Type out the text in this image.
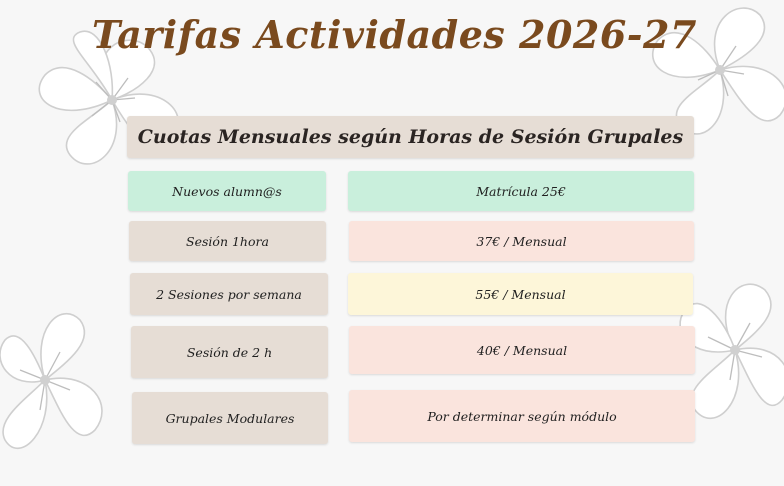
Tarifas Actividades 2026-27
Cuotas Mensuales según Horas de Sesión Grupales
Nuevos alumn@s	Matrícula 25€
Sesión 1hora	37€ / Mensual
2 Sesiones por semana	55€ / Mensual
Sesión de 2 h	40€ / Mensual
Grupales Modulares	Por determinar según módulo
